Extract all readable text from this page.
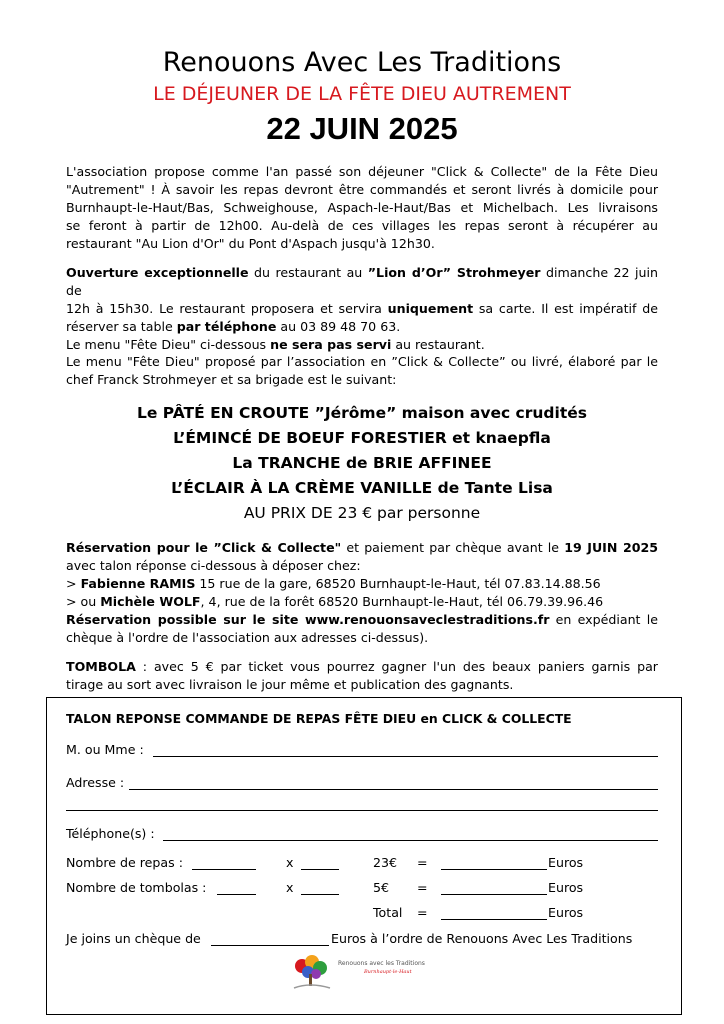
Renouons Avec Les Traditions
LE DÉJEUNER DE LA FÊTE DIEU AUTREMENT
22 JUIN 2025
L'association propose comme l'an passé son déjeuner "Click & Collecte" de la Fête Dieu
"Autrement" ! À savoir les repas devront être commandés et seront livrés à domicile pour
Burnhaupt-le-Haut/Bas, Schweighouse, Aspach-le-Haut/Bas et Michelbach. Les livraisons
se feront à partir de 12h00. Au-delà de ces villages les repas seront à récupérer au
restaurant "Au Lion d'Or" du Pont d'Aspach jusqu'à 12h30.
Ouverture exceptionnelle du restaurant au ”Lion d’Or” Strohmeyer dimanche 22 juin de
12h à 15h30. Le restaurant proposera et servira uniquement sa carte. Il est impératif de
réserver sa table par téléphone au 03 89 48 70 63.
Le menu "Fête Dieu" ci-dessous ne sera pas servi au restaurant.
Le menu "Fête Dieu" proposé par l’association en ”Click & Collecte” ou livré, élaboré par le
chef Franck Strohmeyer et sa brigade est le suivant:
Le PÂTÉ EN CROUTE ”Jérôme” maison avec crudités
L’ÉMINCÉ DE BOEUF FORESTIER et knaepfla
La TRANCHE de BRIE AFFINEE
L’ÉCLAIR À LA CRÈME VANILLE de Tante Lisa
AU PRIX DE 23 € par personne
Réservation pour le ”Click & Collecte" et paiement par chèque avant le 19 JUIN 2025
avec talon réponse ci-dessous à déposer chez:
> Fabienne RAMIS 15 rue de la gare, 68520 Burnhaupt-le-Haut, tél 07.83.14.88.56
> ou Michèle WOLF, 4, rue de la forêt 68520 Burnhaupt-le-Haut, tél 06.79.39.96.46
Réservation possible sur le site www.renouonsaveclestraditions.fr en expédiant le
chèque à l'ordre de l'association aux adresses ci-dessus).
TOMBOLA : avec 5 € par ticket vous pourrez gagner l'un des beaux paniers garnis par
tirage au sort avec livraison le jour même et publication des gagnants.
TALON REPONSE COMMANDE DE REPAS FÊTE DIEU en CLICK & COLLECTE
M. ou Mme :
Adresse :
Téléphone(s) :
Nombre de repas :	x	23€ =	Euros
Nombre de tombolas :	x	5€ =	Euros
Total =	Euros
Je joins un chèque de	Euros à l’ordre de Renouons Avec Les Traditions
Renouons avec les Traditions
Burnhaupt-le-Haut
